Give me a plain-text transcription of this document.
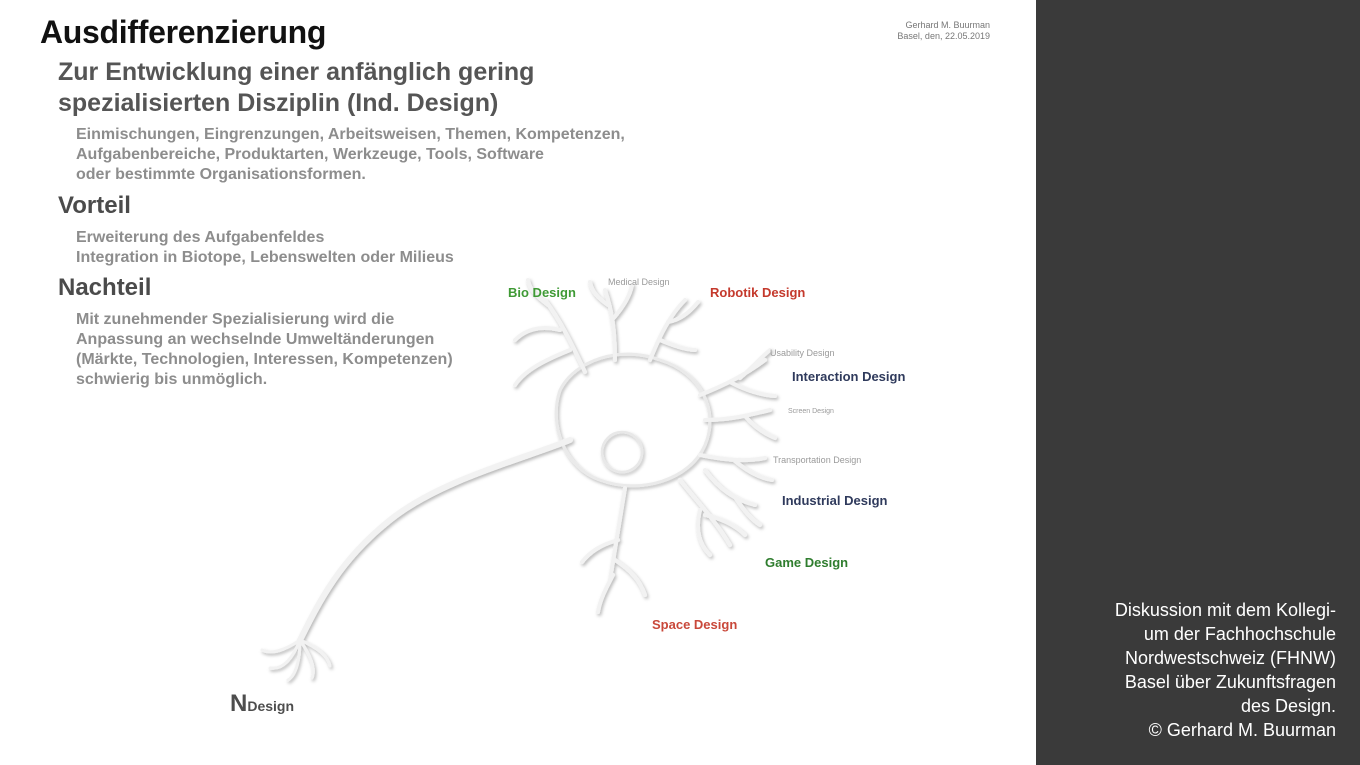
Ausdifferenzierung	Gerhard M. Buurman
Basel, den, 22.05.2019
Zur Entwicklung einer anfänglich gering
spezialisierten Disziplin (Ind. Design)
Einmischungen, Eingrenzungen, Arbeitsweisen, Themen, Kompetenzen,
Aufgabenbereiche, Produktarten, Werkzeuge, Tools, Software
oder bestimmte Organisationsformen.
Vorteil
Erweiterung des Aufgabenfeldes
Integration in Biotope, Lebenswelten oder Milieus
Nachteil
Mit zunehmender Spezialisierung wird die
Anpassung an wechselnde Umweltänderungen
(Märkte, Technologien, Interessen, Kompetenzen)
schwierig bis unmöglich.
Bio Design
Medical Design
Robotik Design
Usability Design
Interaction Design
Screen Design
Transportation Design
Industrial Design
Game Design
Space Design
NDesign
Diskussion mit dem Kollegi-
um der Fachhochschule
Nordwestschweiz (FHNW)
Basel über Zukunftsfragen
des Design.
© Gerhard M. Buurman
